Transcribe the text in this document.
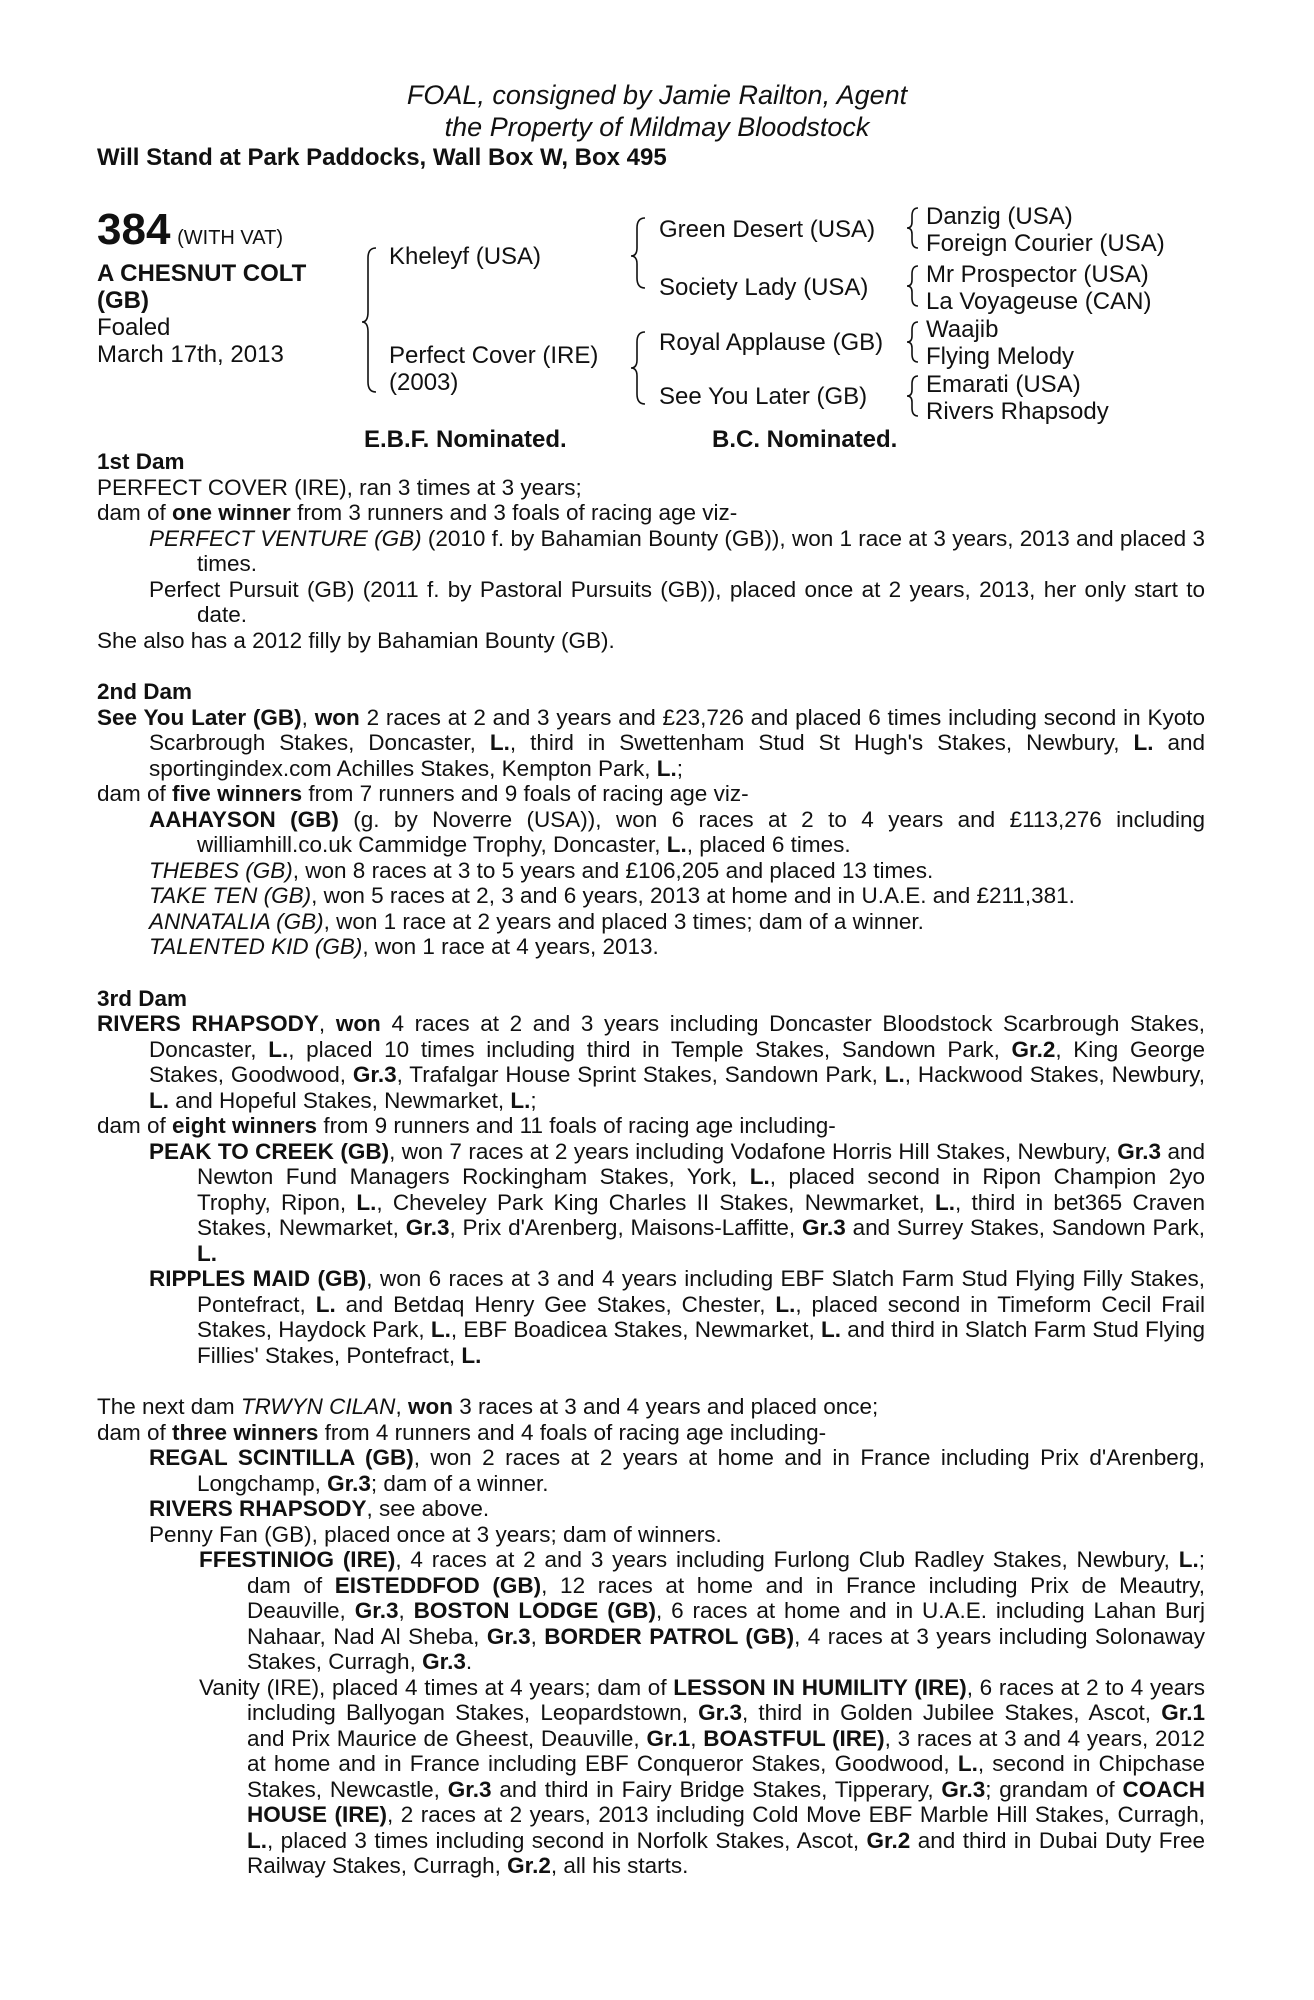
FOAL, consigned by Jamie Railton, Agent
the Property of Mildmay Bloodstock
Will Stand at Park Paddocks, Wall Box W, Box 495
384 (WITH VAT)
A CHESNUT COLT
(GB)
Foaled
March 17th, 2013
Kheleyf (USA)
Perfect Cover (IRE)
(2003)
Green Desert (USA)
Society Lady (USA)
Royal Applause (GB)
See You Later (GB)
Danzig (USA)
Foreign Courier (USA)
Mr Prospector (USA)
La Voyageuse (CAN)
Waajib
Flying Melody
Emarati (USA)
Rivers Rhapsody
E.B.F. Nominated.	B.C. Nominated.
1st Dam
PERFECT COVER (IRE), ran 3 times at 3 years;
dam of one winner from 3 runners and 3 foals of racing age viz-
PERFECT VENTURE (GB) (2010 f. by Bahamian Bounty (GB)), won 1 race at 3 years, 2013 and placed 3 times.
Perfect Pursuit (GB) (2011 f. by Pastoral Pursuits (GB)), placed once at 2 years, 2013, her only start to date.
She also has a 2012 filly by Bahamian Bounty (GB).
2nd Dam
See You Later (GB), won 2 races at 2 and 3 years and £23,726 and placed 6 times including second in Kyoto Scarbrough Stakes, Doncaster, L., third in Swettenham Stud St Hugh's Stakes, Newbury, L. and sportingindex.com Achilles Stakes, Kempton Park, L.;
dam of five winners from 7 runners and 9 foals of racing age viz-
AAHAYSON (GB) (g. by Noverre (USA)), won 6 races at 2 to 4 years and £113,276 including williamhill.co.uk Cammidge Trophy, Doncaster, L., placed 6 times.
THEBES (GB), won 8 races at 3 to 5 years and £106,205 and placed 13 times.
TAKE TEN (GB), won 5 races at 2, 3 and 6 years, 2013 at home and in U.A.E. and £211,381.
ANNATALIA (GB), won 1 race at 2 years and placed 3 times; dam of a winner.
TALENTED KID (GB), won 1 race at 4 years, 2013.
3rd Dam
RIVERS RHAPSODY, won 4 races at 2 and 3 years including Doncaster Bloodstock Scarbrough Stakes, Doncaster, L., placed 10 times including third in Temple Stakes, Sandown Park, Gr.2, King George Stakes, Goodwood, Gr.3, Trafalgar House Sprint Stakes, Sandown Park, L., Hackwood Stakes, Newbury, L. and Hopeful Stakes, Newmarket, L.;
dam of eight winners from 9 runners and 11 foals of racing age including-
PEAK TO CREEK (GB), won 7 races at 2 years including Vodafone Horris Hill Stakes, Newbury, Gr.3 and Newton Fund Managers Rockingham Stakes, York, L., placed second in Ripon Champion 2yo Trophy, Ripon, L., Cheveley Park King Charles II Stakes, Newmarket, L., third in bet365 Craven Stakes, Newmarket, Gr.3, Prix d'Arenberg, Maisons-Laffitte, Gr.3 and Surrey Stakes, Sandown Park, L.
RIPPLES MAID (GB), won 6 races at 3 and 4 years including EBF Slatch Farm Stud Flying Filly Stakes, Pontefract, L. and Betdaq Henry Gee Stakes, Chester, L., placed second in Timeform Cecil Frail Stakes, Haydock Park, L., EBF Boadicea Stakes, Newmarket, L. and third in Slatch Farm Stud Flying Fillies' Stakes, Pontefract, L.
The next dam TRWYN CILAN, won 3 races at 3 and 4 years and placed once;
dam of three winners from 4 runners and 4 foals of racing age including-
REGAL SCINTILLA (GB), won 2 races at 2 years at home and in France including Prix d'Arenberg, Longchamp, Gr.3; dam of a winner.
RIVERS RHAPSODY, see above.
Penny Fan (GB), placed once at 3 years; dam of winners.
FFESTINIOG (IRE), 4 races at 2 and 3 years including Furlong Club Radley Stakes, Newbury, L.; dam of EISTEDDFOD (GB), 12 races at home and in France including Prix de Meautry, Deauville, Gr.3, BOSTON LODGE (GB), 6 races at home and in U.A.E. including Lahan Burj Nahaar, Nad Al Sheba, Gr.3, BORDER PATROL (GB), 4 races at 3 years including Solonaway Stakes, Curragh, Gr.3.
Vanity (IRE), placed 4 times at 4 years; dam of LESSON IN HUMILITY (IRE), 6 races at 2 to 4 years including Ballyogan Stakes, Leopardstown, Gr.3, third in Golden Jubilee Stakes, Ascot, Gr.1 and Prix Maurice de Gheest, Deauville, Gr.1, BOASTFUL (IRE), 3 races at 3 and 4 years, 2012 at home and in France including EBF Conqueror Stakes, Goodwood, L., second in Chipchase Stakes, Newcastle, Gr.3 and third in Fairy Bridge Stakes, Tipperary, Gr.3; grandam of COACH HOUSE (IRE), 2 races at 2 years, 2013 including Cold Move EBF Marble Hill Stakes, Curragh, L., placed 3 times including second in Norfolk Stakes, Ascot, Gr.2 and third in Dubai Duty Free Railway Stakes, Curragh, Gr.2, all his starts.
